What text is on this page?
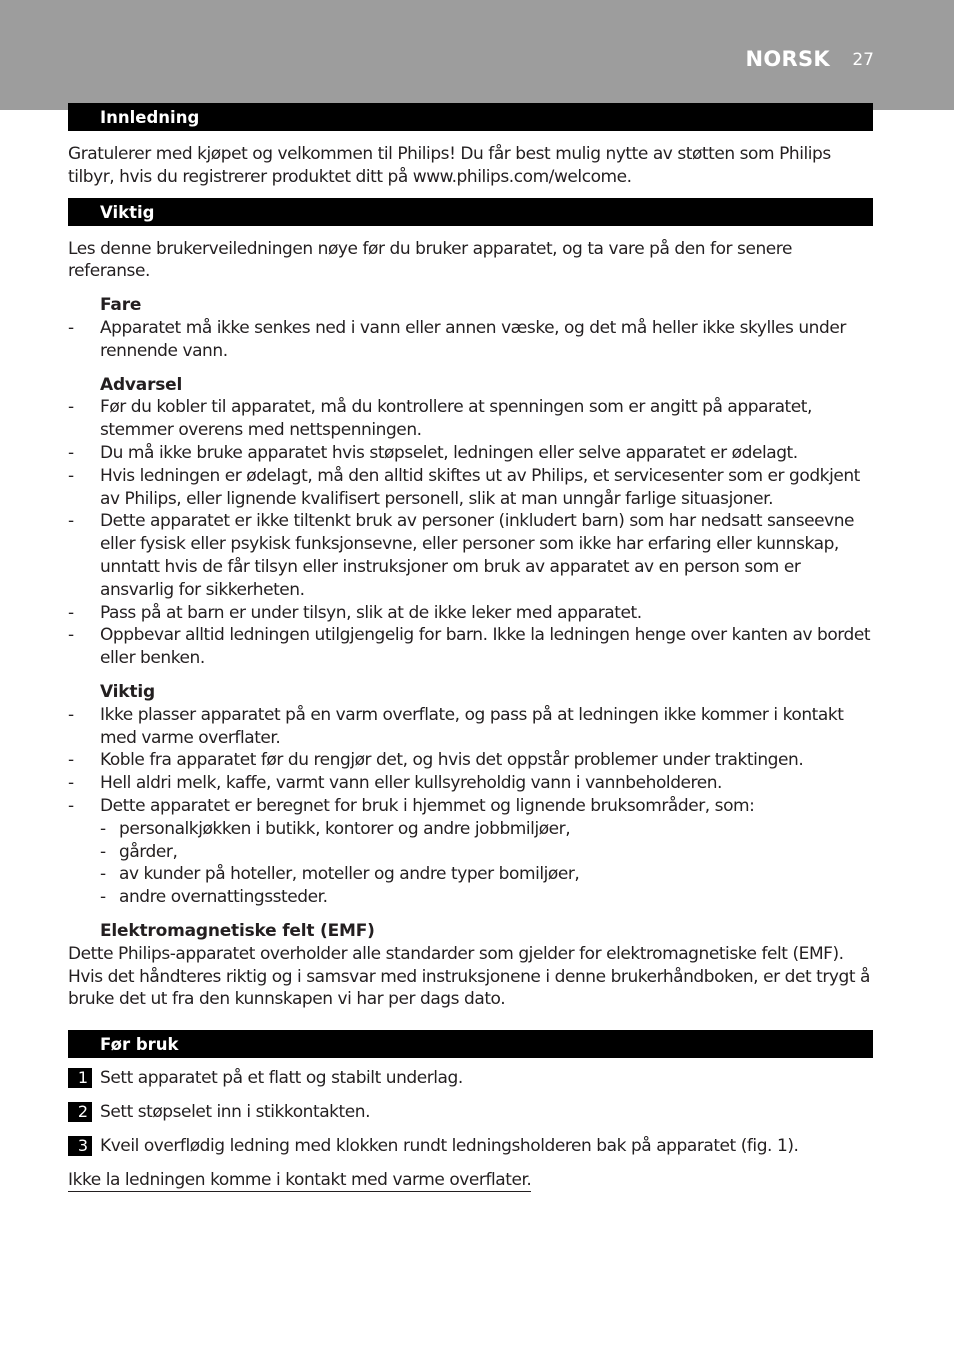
NORSK 27
Innledning
Gratulerer med kjøpet og velkommen til Philips! Du får best mulig nytte av støtten som Philips tilbyr, hvis du registrerer produktet ditt på www.philips.com/welcome.
Viktig
Les denne brukerveiledningen nøye før du bruker apparatet, og ta vare på den for senere referanse.
Fare
- Apparatet må ikke senkes ned i vann eller annen væske, og det må heller ikke skylles under rennende vann.
Advarsel
- Før du kobler til apparatet, må du kontrollere at spenningen som er angitt på apparatet, stemmer overens med nettspenningen.
- Du må ikke bruke apparatet hvis støpselet, ledningen eller selve apparatet er ødelagt.
- Hvis ledningen er ødelagt, må den alltid skiftes ut av Philips, et servicesenter som er godkjent av Philips, eller lignende kvalifisert personell, slik at man unngår farlige situasjoner.
- Dette apparatet er ikke tiltenkt bruk av personer (inkludert barn) som har nedsatt sanseevne eller fysisk eller psykisk funksjonsevne, eller personer som ikke har erfaring eller kunnskap, unntatt hvis de får tilsyn eller instruksjoner om bruk av apparatet av en person som er ansvarlig for sikkerheten.
- Pass på at barn er under tilsyn, slik at de ikke leker med apparatet.
- Oppbevar alltid ledningen utilgjengelig for barn. Ikke la ledningen henge over kanten av bordet eller benken.
Viktig
- Ikke plasser apparatet på en varm overflate, og pass på at ledningen ikke kommer i kontakt med varme overflater.
- Koble fra apparatet før du rengjør det, og hvis det oppstår problemer under traktingen.
- Hell aldri melk, kaffe, varmt vann eller kullsyreholdig vann i vannbeholderen.
- Dette apparatet er beregnet for bruk i hjemmet og lignende bruksområder, som:
- personalkjøkken i butikk, kontorer og andre jobbmiljøer,
- gårder,
- av kunder på hoteller, moteller og andre typer bomiljøer,
- andre overnattingssteder.
Elektromagnetiske felt (EMF)
Dette Philips-apparatet overholder alle standarder som gjelder for elektromagnetiske felt (EMF). Hvis det håndteres riktig og i samsvar med instruksjonene i denne brukerhåndboken, er det trygt å bruke det ut fra den kunnskapen vi har per dags dato.
Før bruk
1 Sett apparatet på et flatt og stabilt underlag.
2 Sett støpselet inn i stikkontakten.
3 Kveil overflødig ledning med klokken rundt ledningsholderen bak på apparatet (fig. 1).
Ikke la ledningen komme i kontakt med varme overflater.
